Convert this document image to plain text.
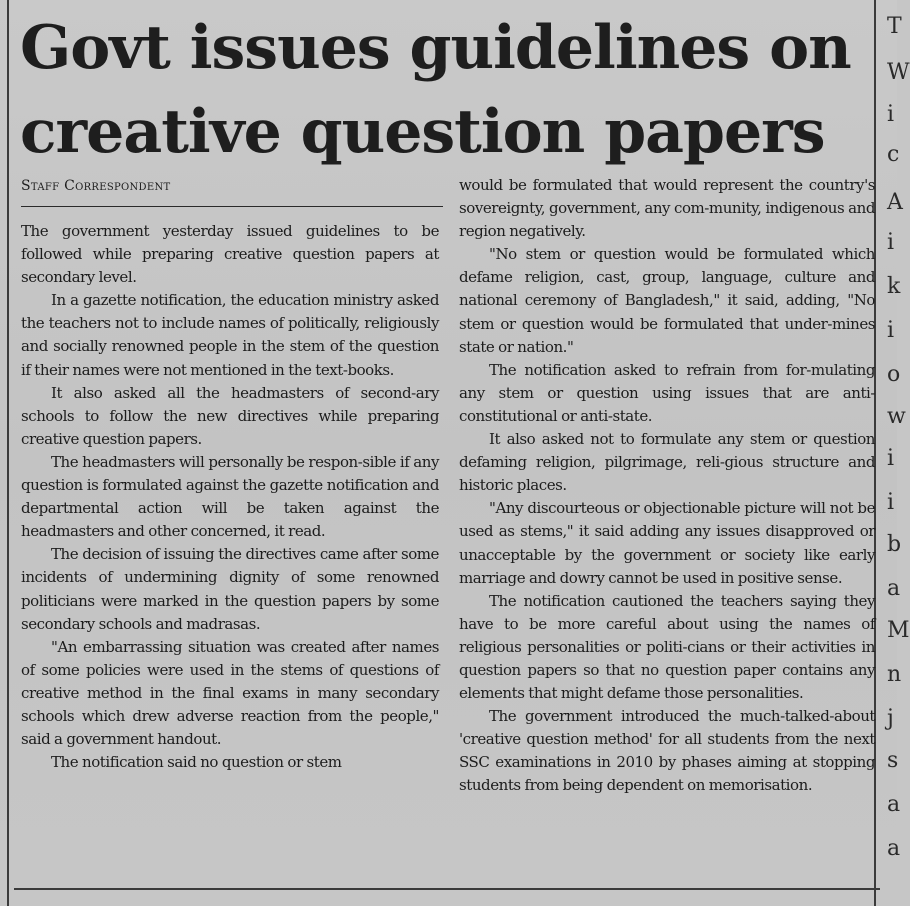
T
W
i
c
A
i
k
i
o
w
i
i
b
a
M
n
j
s
a
a
Govt issues guidelines on creative question papers
Staff Correspondent

The government yesterday issued guidelines to be followed while preparing creative question papers at secondary level.

In a gazette notification, the education ministry asked the teachers not to include names of politically, religiously and socially renowned people in the stem of the question if their names were not mentioned in the text-books.

It also asked all the headmasters of second-ary schools to follow the new directives while preparing creative question papers.

The headmasters will personally be respon-sible if any question is formulated against the gazette notification and departmental action will be taken against the headmasters and other concerned, it read.

The decision of issuing the directives came after some incidents of undermining dignity of some renowned politicians were marked in the question papers by some secondary schools and madrasas.

"An embarrassing situation was created after names of some policies were used in the stems of questions of creative method in the final exams in many secondary schools which drew adverse reaction from the people," said a government handout.

The notification said no question or stem

would be formulated that would represent the country's sovereignty, government, any com-munity, indigenous and region negatively.

"No stem or question would be formulated which defame religion, cast, group, language, culture and national ceremony of Bangladesh," it said, adding, "No stem or question would be formulated that under-mines state or nation."

The notification asked to refrain from for-mulating any stem or question using issues that are anti-constitutional or anti-state.

It also asked not to formulate any stem or question defaming religion, pilgrimage, reli-gious structure and historic places.

"Any discourteous or objectionable picture will not be used as stems," it said adding any issues disapproved or unacceptable by the government or society like early marriage and dowry cannot be used in positive sense.

The notification cautioned the teachers saying they have to be more careful about using the names of religious personalities or politi-cians or their activities in question papers so that no question paper contains any elements that might defame those personalities.

The government introduced the much-talked-about 'creative question method' for all students from the next SSC examinations in 2010 by phases aiming at stopping students from being dependent on memorisation.
